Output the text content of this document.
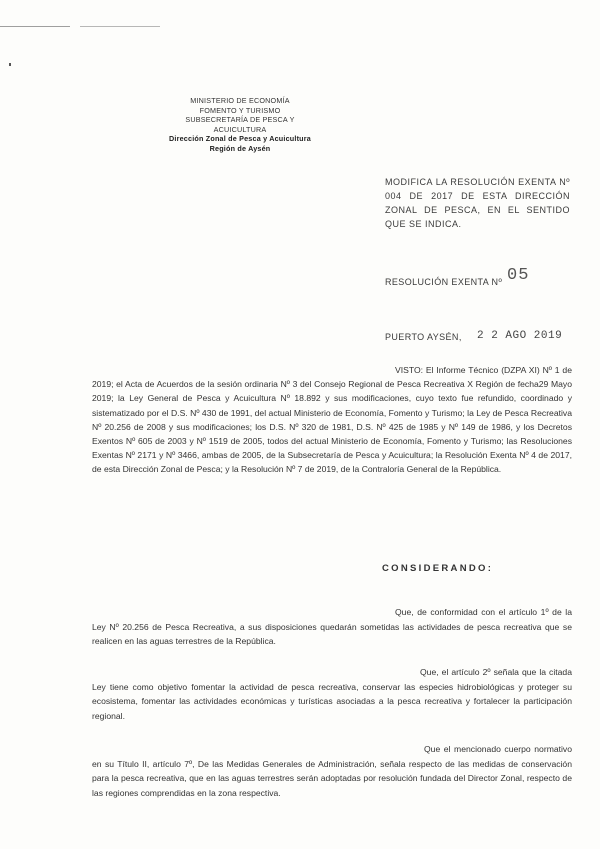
MINISTERIO DE ECONOMÍA
FOMENTO Y TURISMO
SUBSECRETARÍA DE PESCA Y ACUICULTURA
Dirección Zonal de Pesca y Acuicultura
Región de Aysén
MODIFICA LA RESOLUCIÓN EXENTA Nº 004 DE 2017 DE ESTA DIRECCIÓN ZONAL DE PESCA, EN EL SENTIDO QUE SE INDICA.
RESOLUCIÓN EXENTA Nº 05
PUERTO AYSÉN, 2 2 AGO 2019
VISTO: El Informe Técnico (DZPA XI) Nº 1 de 2019; el Acta de Acuerdos de la sesión ordinaria Nº 3 del Consejo Regional de Pesca Recreativa X Región de fecha29 Mayo 2019; la Ley General de Pesca y Acuicultura Nº 18.892 y sus modificaciones, cuyo texto fue refundido, coordinado y sistematizado por el D.S. Nº 430 de 1991, del actual Ministerio de Economía, Fomento y Turismo; la Ley de Pesca Recreativa Nº 20.256 de 2008 y sus modificaciones; los D.S. Nº 320 de 1981, D.S. Nº 425 de 1985 y Nº 149 de 1986, y los Decretos Exentos Nº 605 de 2003 y Nº 1519 de 2005, todos del actual Ministerio de Economía, Fomento y Turismo; las Resoluciones Exentas Nº 2171 y Nº 3466, ambas de 2005, de la Subsecretaría de Pesca y Acuicultura; la Resolución Exenta Nº 4 de 2017, de esta Dirección Zonal de Pesca; y la Resolución Nº 7 de 2019, de la Contraloría General de la República.
CONSIDERANDO:
Que, de conformidad con el artículo 1º de la Ley Nº 20.256 de Pesca Recreativa, a sus disposiciones quedarán sometidas las actividades de pesca recreativa que se realicen en las aguas terrestres de la República.
Que, el artículo 2º señala que la citada Ley tiene como objetivo fomentar la actividad de pesca recreativa, conservar las especies hidrobiológicas y proteger su ecosistema, fomentar las actividades económicas y turísticas asociadas a la pesca recreativa y fortalecer la participación regional.
Que el mencionado cuerpo normativo en su Título II, artículo 7º, De las Medidas Generales de Administración, señala respecto de las medidas de conservación para la pesca recreativa, que en las aguas terrestres serán adoptadas por resolución fundada del Director Zonal, respecto de las regiones comprendidas en la zona respectiva.
